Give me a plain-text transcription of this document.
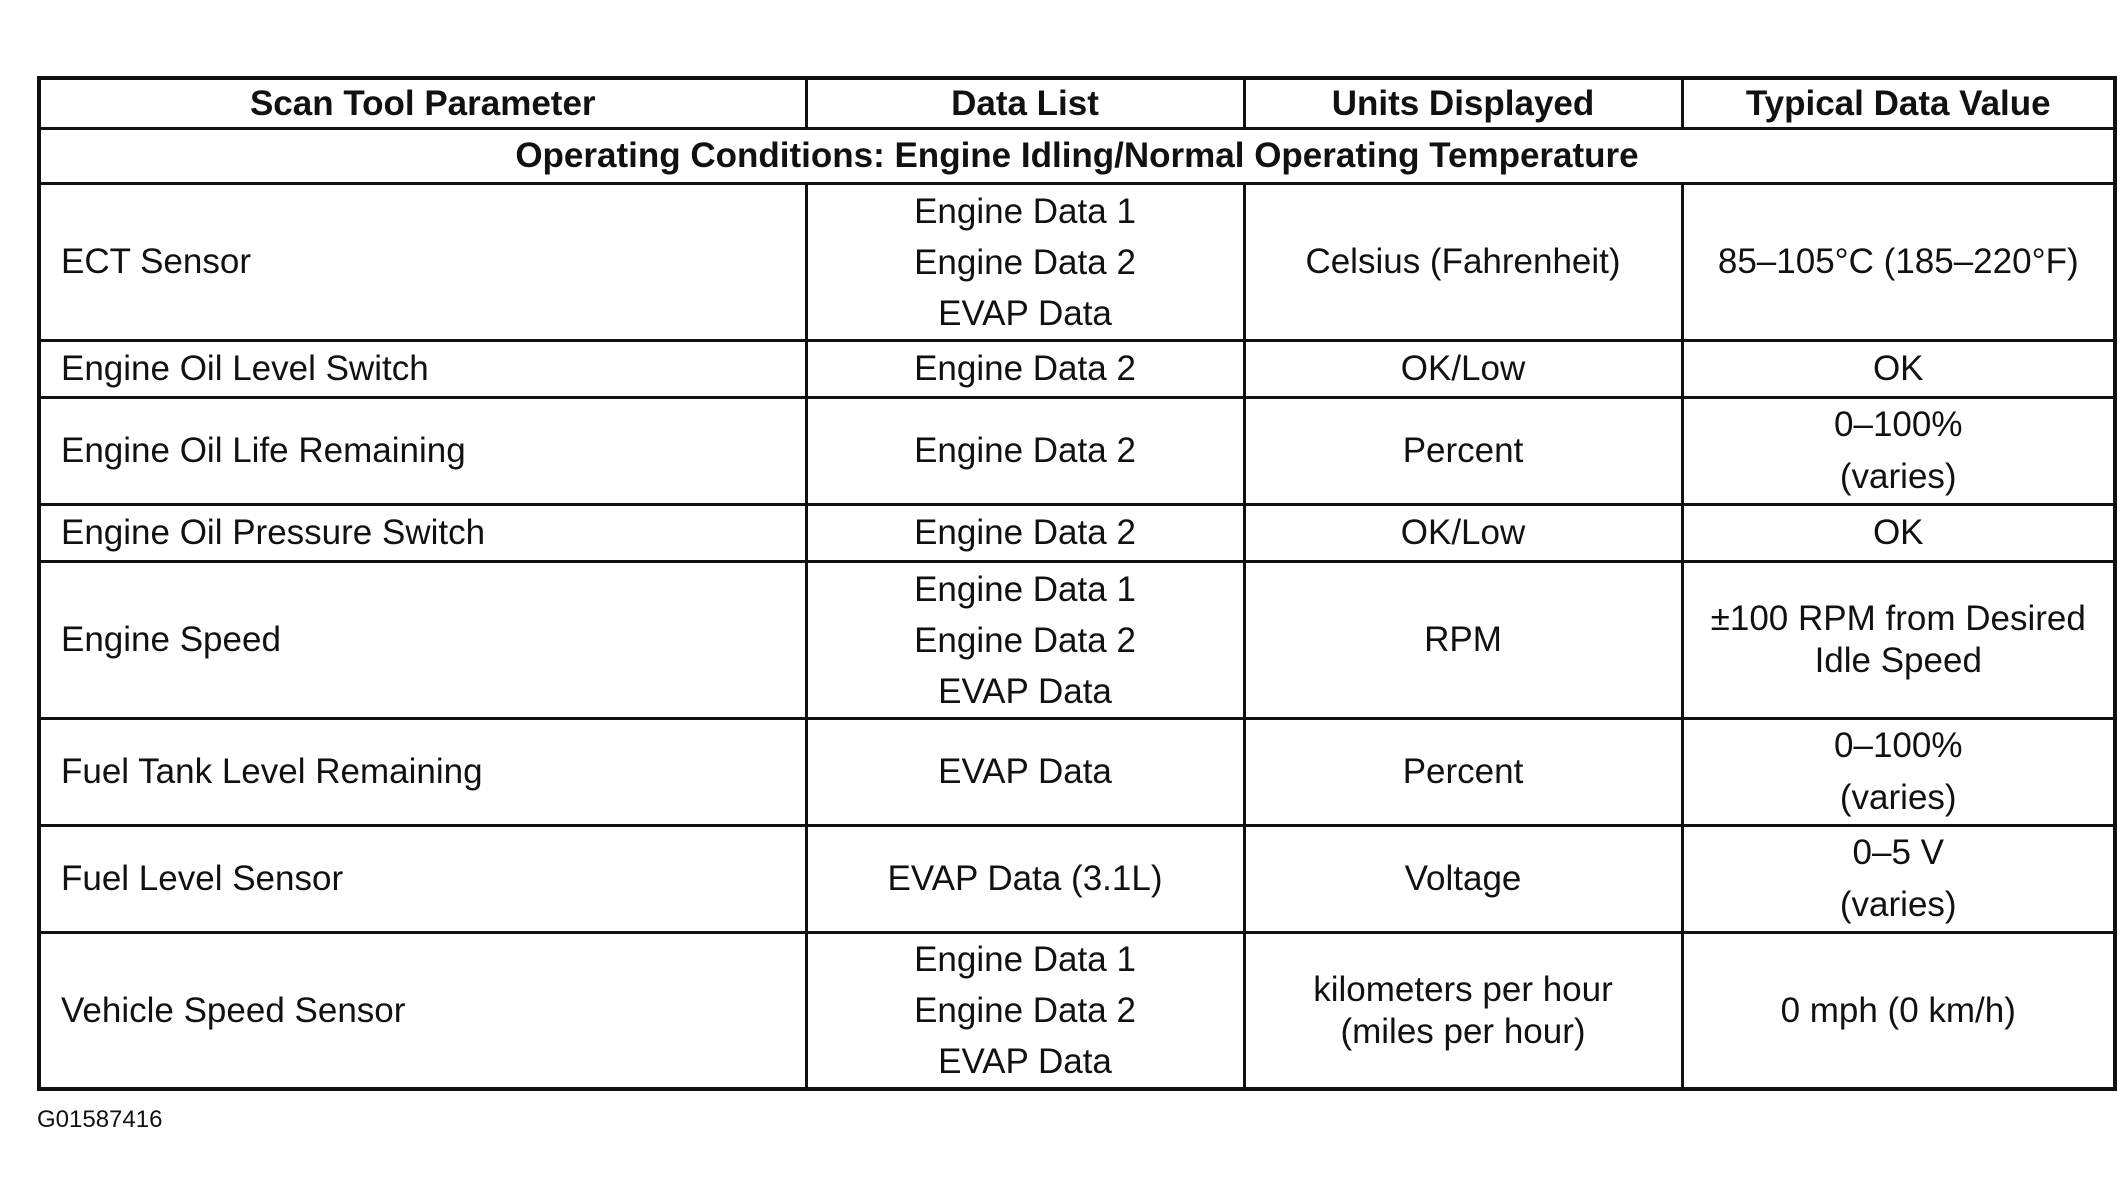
Scan Tool Parameter	Data List	Units Displayed	Typical Data Value
Operating Conditions: Engine Idling/Normal Operating Temperature			
ECT Sensor	Engine Data 1
Engine Data 2
EVAP Data	Celsius (Fahrenheit)	85–105°C (185–220°F)

Engine Oil Level Switch	Engine Data 2	OK/Low	OK

Engine Oil Life Remaining	Engine Data 2	Percent	0–100%
(varies)

Engine Oil Pressure Switch	Engine Data 2	OK/Low	OK

Engine Speed	Engine Data 1
Engine Data 2
EVAP Data	RPM	±100 RPM from Desired
Idle Speed

Fuel Tank Level Remaining	EVAP Data	Percent	0–100%
(varies)

Fuel Level Sensor	EVAP Data (3.1L)	Voltage	0–5 V
(varies)

Vehicle Speed Sensor	Engine Data 1
Engine Data 2
EVAP Data	kilometers per hour
(miles per hour)	0 mph (0 km/h)
G01587416
